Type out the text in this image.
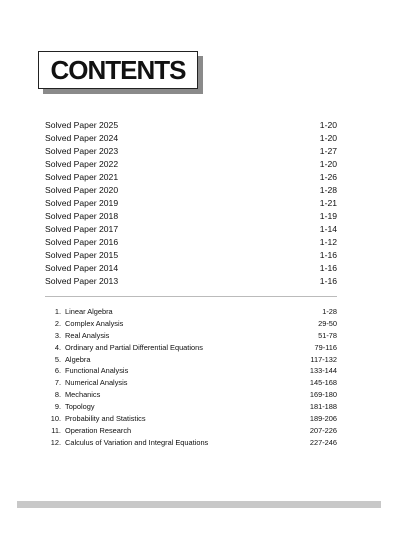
CONTENTS
Solved Paper 2025	1-20
Solved Paper 2024	1-20
Solved Paper 2023	1-27
Solved Paper 2022	1-20
Solved Paper 2021	1-26
Solved Paper 2020	1-28
Solved Paper 2019	1-21
Solved Paper 2018	1-19
Solved Paper 2017	1-14
Solved Paper 2016	1-12
Solved Paper 2015	1-16
Solved Paper 2014	1-16
Solved Paper 2013	1-16
1. Linear Algebra	1-28
2. Complex Analysis	29-50
3. Real Analysis	51-78
4. Ordinary and Partial Differential Equations	79-116
5. Algebra	117-132
6. Functional Analysis	133-144
7. Numerical Analysis	145-168
8. Mechanics	169-180
9. Topology	181-188
10. Probability and Statistics	189-206
11. Operation Research	207-226
12. Calculus of Variation and Integral Equations	227-246
